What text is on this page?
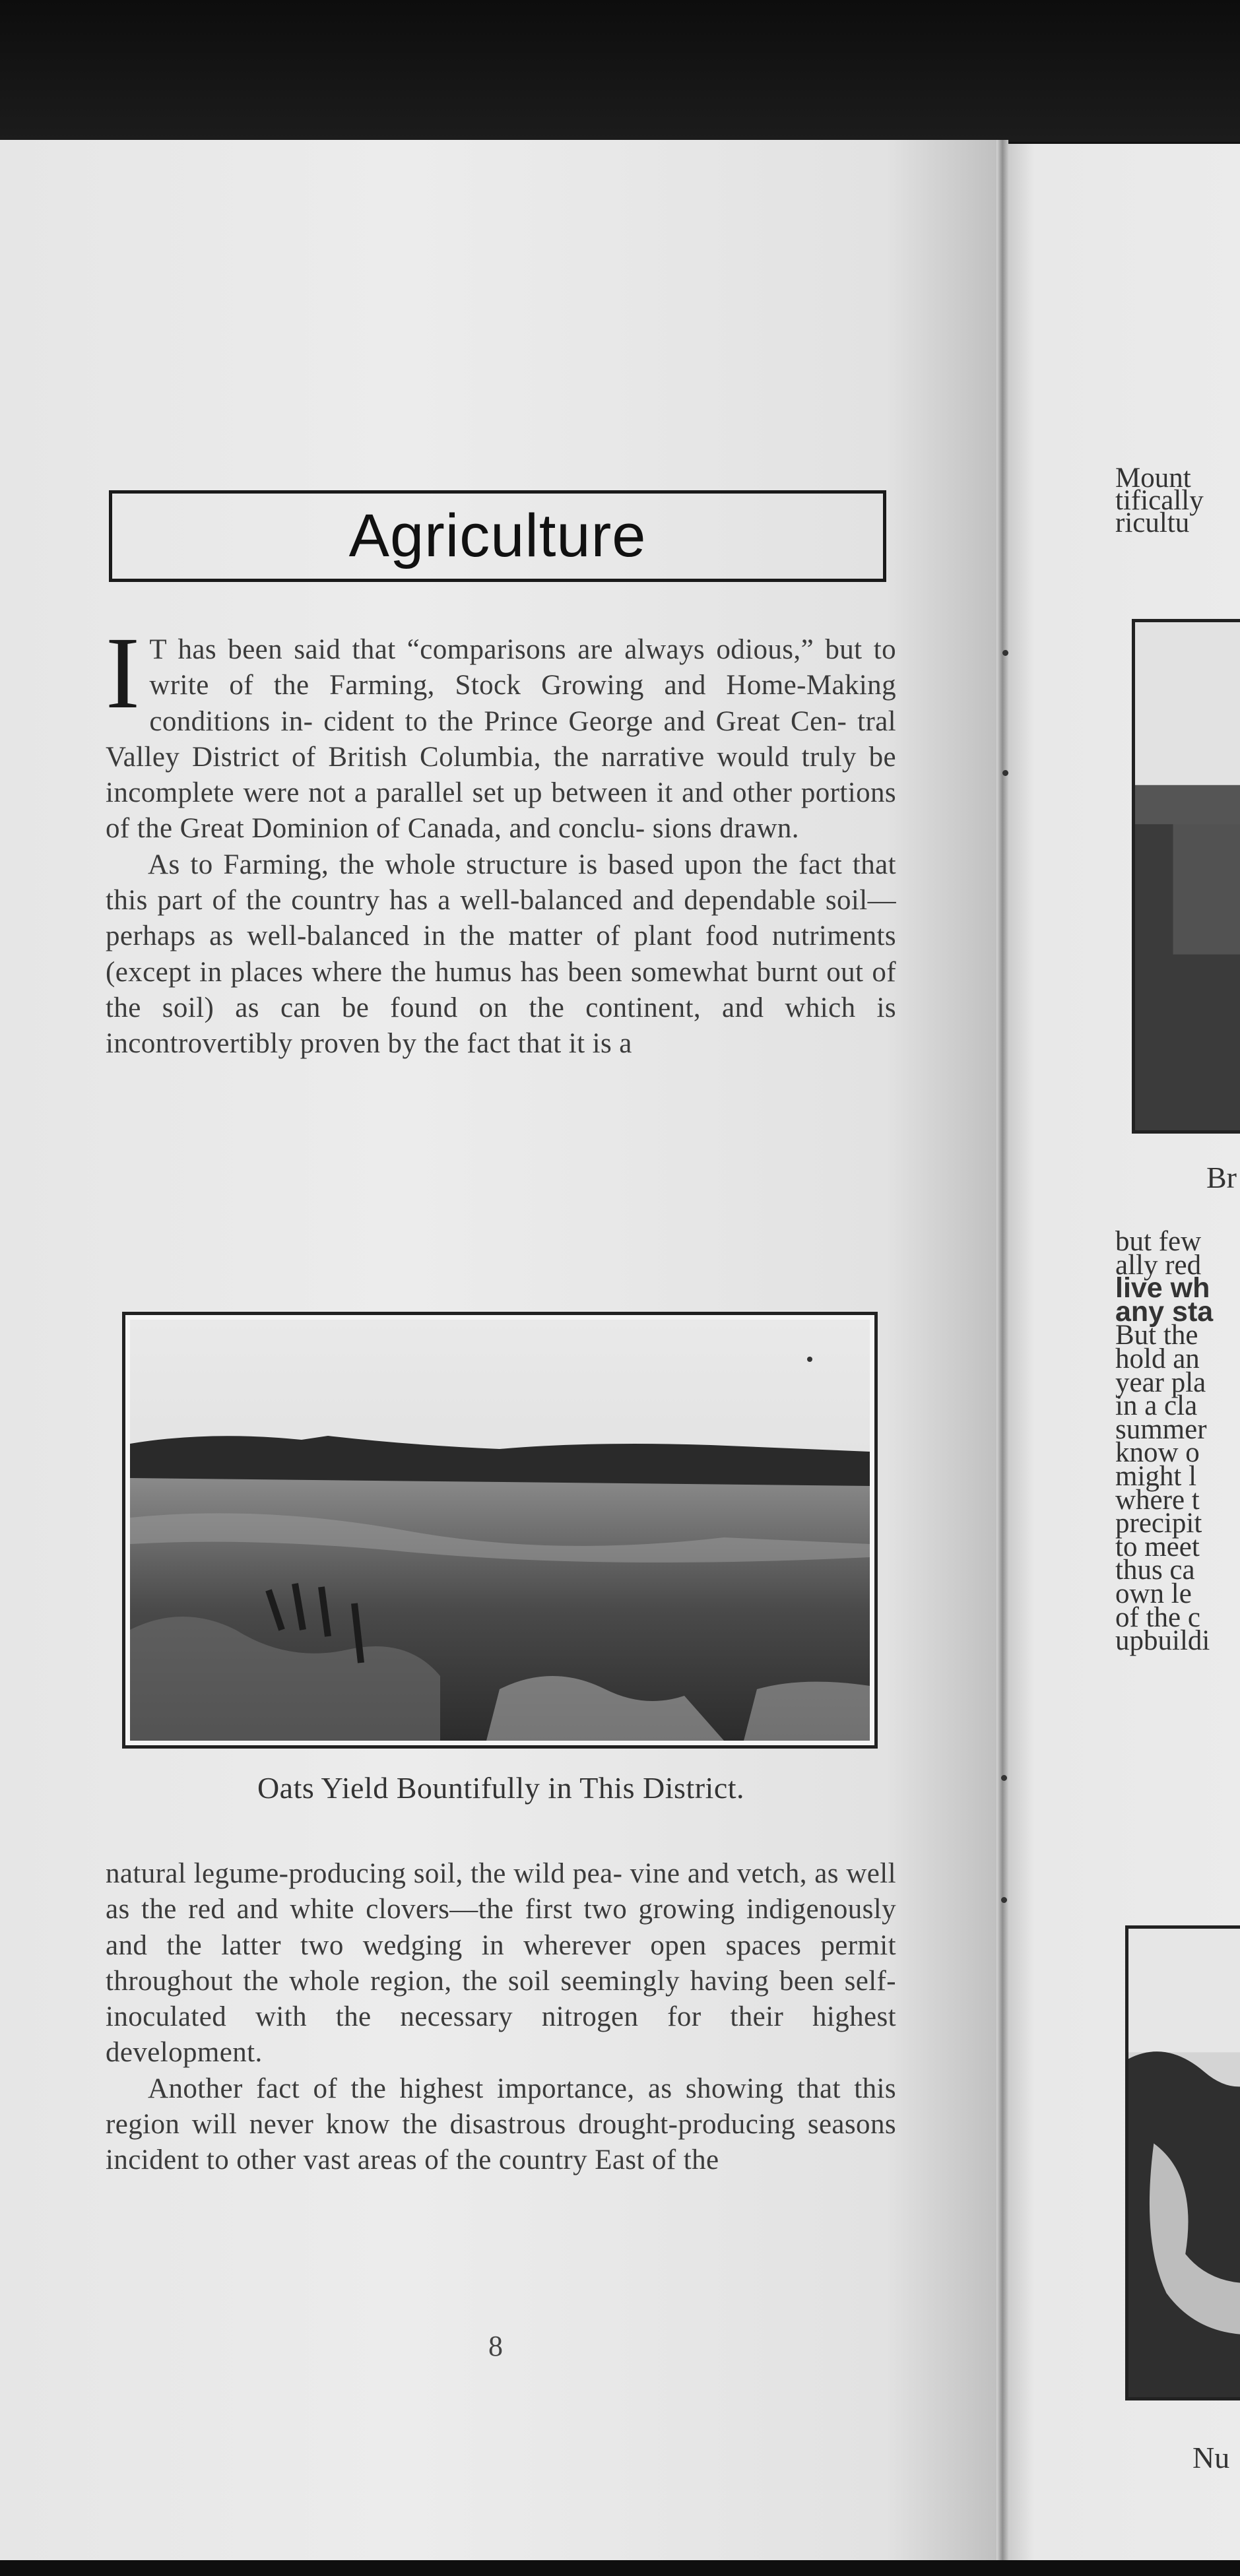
Mount
tifically
ricultu

Br

but few
ally red
live wh
any sta
But the
hold an
year pla
in a cla
summer
know o
might l
where t
precipit
to meet
thus ca
own le
of the c
upbuildi

Nu
Agriculture
I T has been said that “comparisons are always odious,” but to write of the Farming, Stock Growing and Home-Making conditions in- cident to the Prince George and Great Cen- tral Valley District of British Columbia, the narrative would truly be incomplete were not a parallel set up between it and other portions of the Great Dominion of Canada, and conclu- sions drawn.

As to Farming, the whole structure is based upon the fact that this part of the country has a well-balanced and dependable soil—perhaps as well-balanced in the matter of plant food nutriments (except in places where the humus has been somewhat burnt out of the soil) as can be found on the continent, and which is incontrovertibly proven by the fact that it is a

Oats Yield Bountifully in This District.

natural legume-producing soil, the wild pea- vine and vetch, as well as the red and white clovers—the first two growing indigenously and the latter two wedging in wherever open spaces permit throughout the whole region, the soil seemingly having been self-inoculated with the necessary nitrogen for their highest development.

Another fact of the highest importance, as showing that this region will never know the disastrous drought-producing seasons incident to other vast areas of the country East of the

8
